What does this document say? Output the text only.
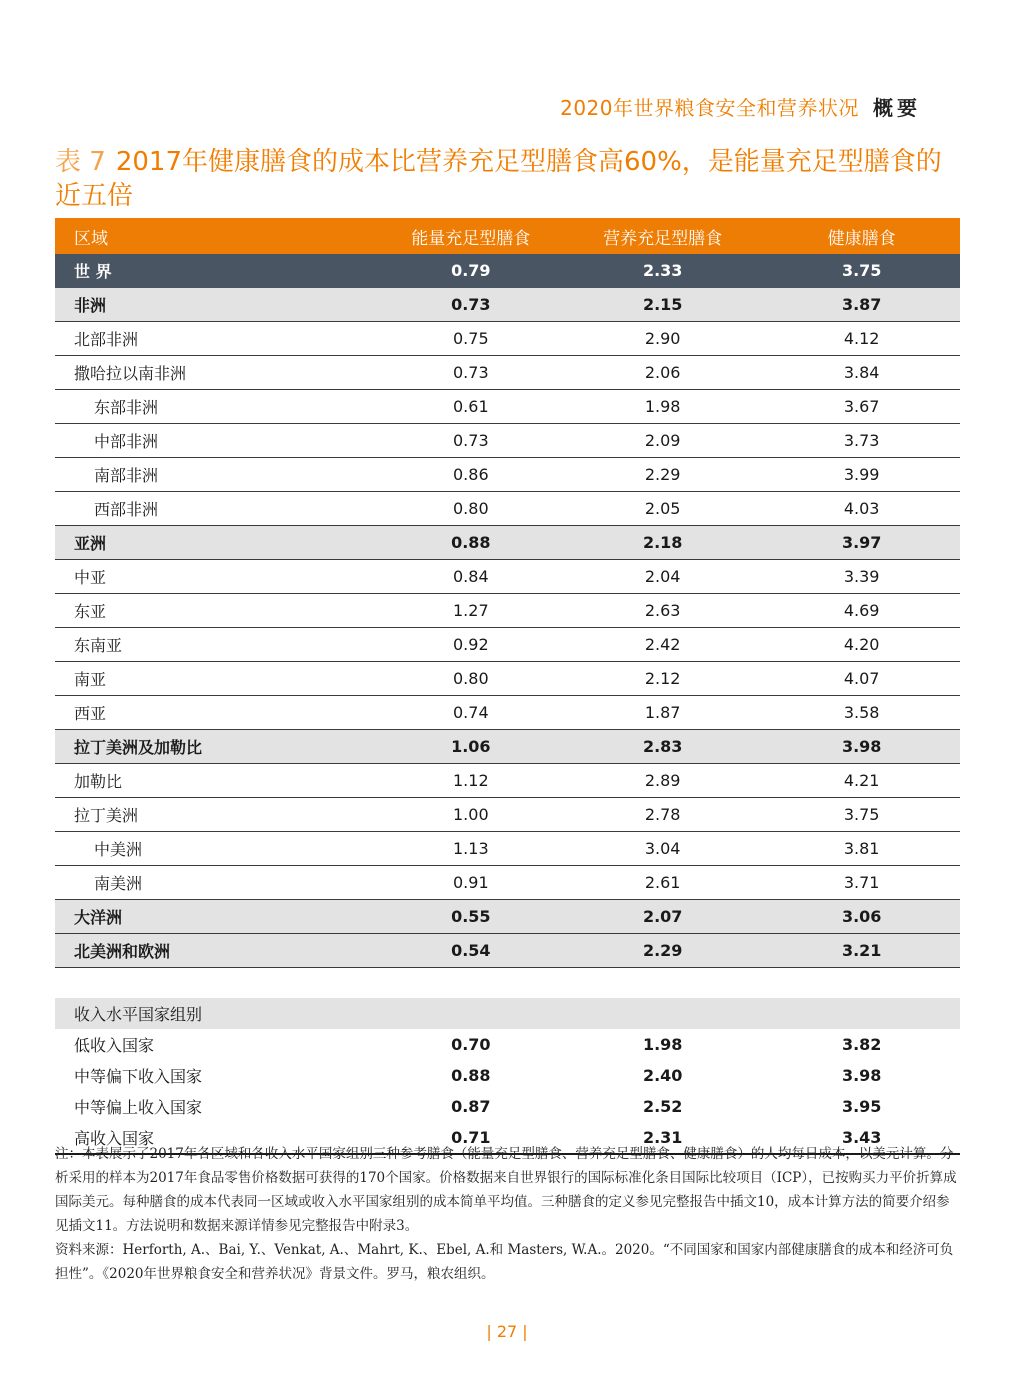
2020年世界粮食安全和营养状况 概要
表 7 2017年健康膳食的成本比营养充足型膳食高60%，是能量充足型膳食的近五倍
区域	能量充足型膳食	营养充足型膳食	健康膳食
世 界	0.79	2.33	3.75
非洲	0.73	2.15	3.87
北部非洲	0.75	2.90	4.12
撒哈拉以南非洲	0.73	2.06	3.84
东部非洲	0.61	1.98	3.67
中部非洲	0.73	2.09	3.73
南部非洲	0.86	2.29	3.99
西部非洲	0.80	2.05	4.03
亚洲	0.88	2.18	3.97
中亚	0.84	2.04	3.39
东亚	1.27	2.63	4.69
东南亚	0.92	2.42	4.20
南亚	0.80	2.12	4.07
西亚	0.74	1.87	3.58
拉丁美洲及加勒比	1.06	2.83	3.98
加勒比	1.12	2.89	4.21
拉丁美洲	1.00	2.78	3.75
中美洲	1.13	3.04	3.81
南美洲	0.91	2.61	3.71
大洋洲	0.55	2.07	3.06
北美洲和欧洲	0.54	2.29	3.21

收入水平国家组别			
低收入国家	0.70	1.98	3.82
中等偏下收入国家	0.88	2.40	3.98
中等偏上收入国家	0.87	2.52	3.95
高收入国家	0.71	2.31	3.43

注：本表展示了2017年各区域和各收入水平国家组别三种参考膳食（能量充足型膳食、营养充足型膳食、健康膳食）的人均每日成本，以美元计算。分析采用的样本为2017年食品零售价格数据可获得的170个国家。价格数据来自世界银行的国际标准化条目国际比较项目（ICP），已按购买力平价折算成国际美元。每种膳食的成本代表同一区域或收入水平国家组别的成本简单平均值。三种膳食的定义参见完整报告中插文10，成本计算方法的简要介绍参见插文11。方法说明和数据来源详情参见完整报告中附录3。

资料来源：Herforth, A.、Bai, Y.、Venkat, A.、Mahrt, K.、Ebel, A.和 Masters, W.A.。2020。“不同国家和国家内部健康膳食的成本和经济可负担性”。《2020年世界粮食安全和营养状况》背景文件。罗马，粮农组织。

| 27 |
